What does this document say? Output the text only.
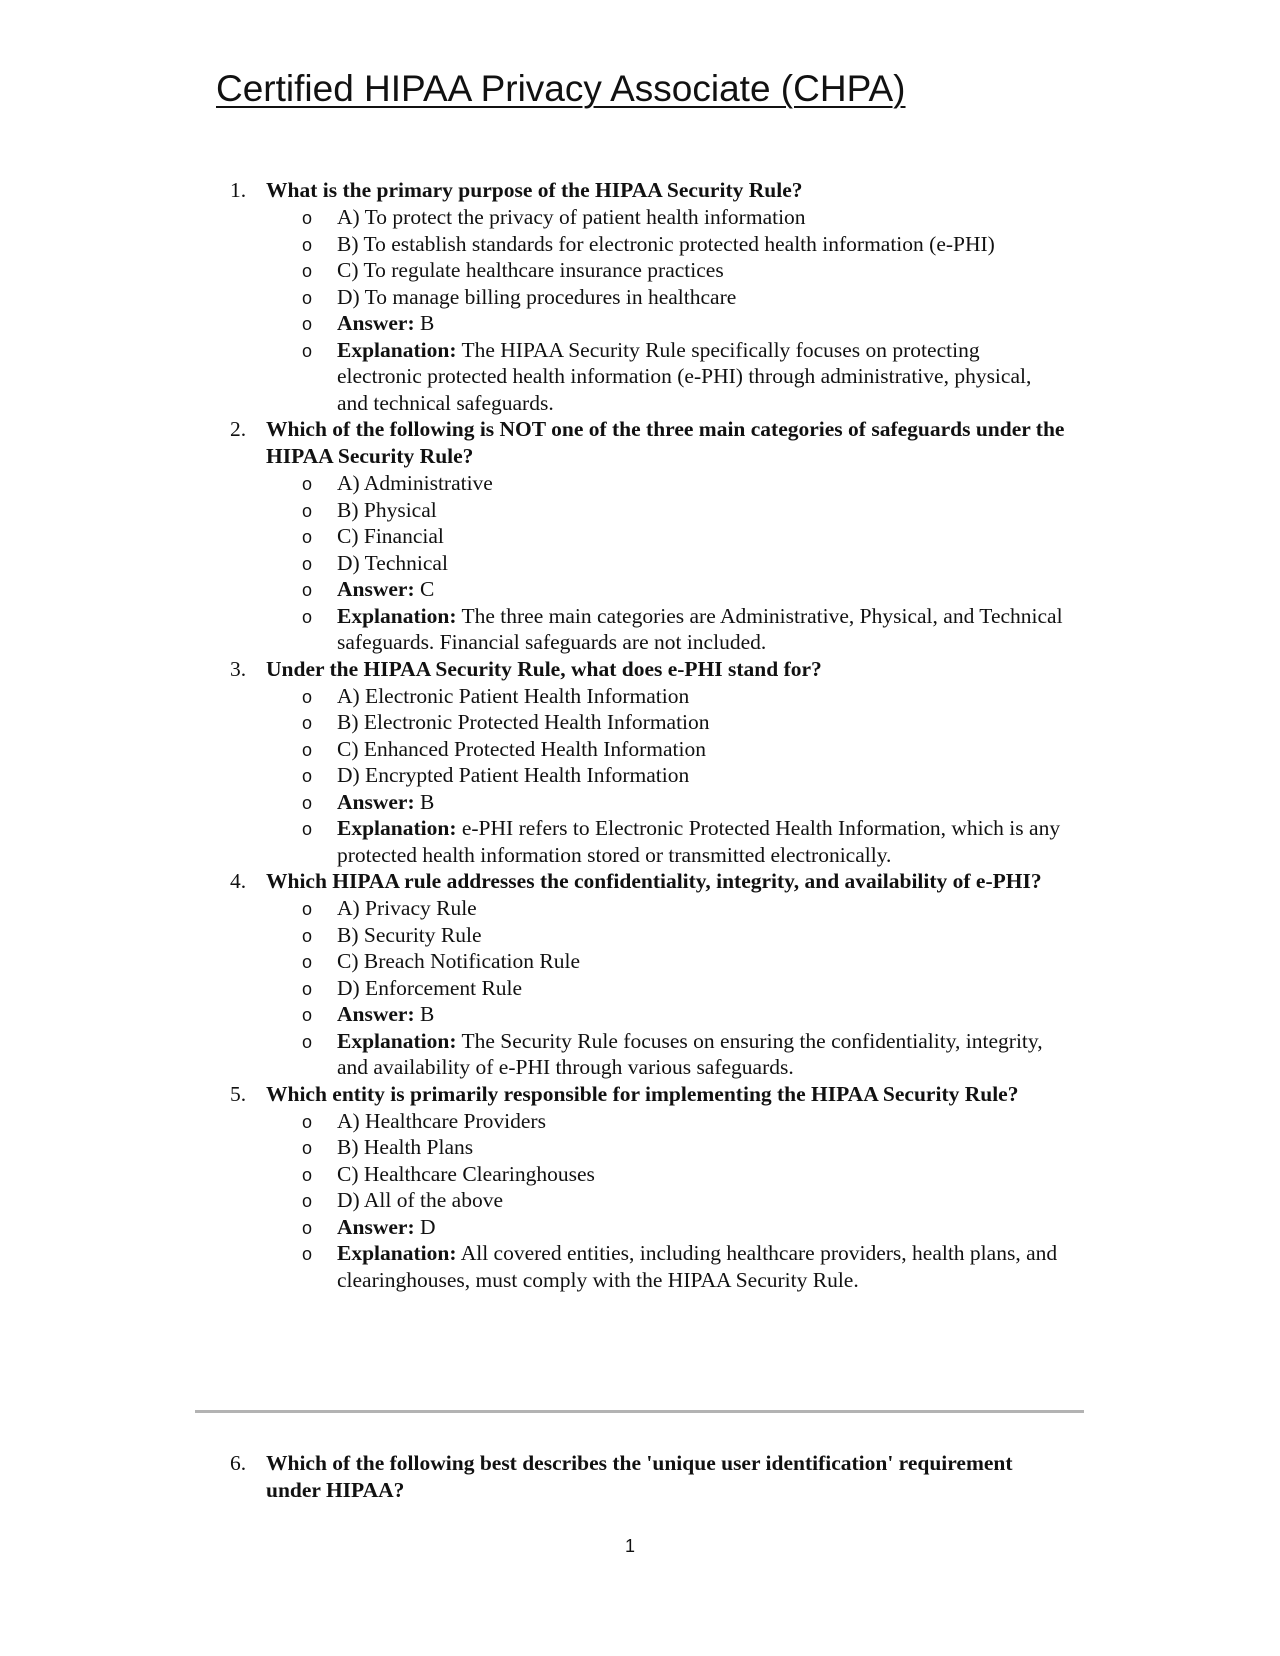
Certified HIPAA Privacy Associate (CHPA)
1. What is the primary purpose of the HIPAA Security Rule?
o A) To protect the privacy of patient health information
o B) To establish standards for electronic protected health information (e-PHI)
o C) To regulate healthcare insurance practices
o D) To manage billing procedures in healthcare
o Answer: B
o Explanation: The HIPAA Security Rule specifically focuses on protecting electronic protected health information (e-PHI) through administrative, physical, and technical safeguards.
2. Which of the following is NOT one of the three main categories of safeguards under the HIPAA Security Rule?
o A) Administrative
o B) Physical
o C) Financial
o D) Technical
o Answer: C
o Explanation: The three main categories are Administrative, Physical, and Technical safeguards. Financial safeguards are not included.
3. Under the HIPAA Security Rule, what does e-PHI stand for?
o A) Electronic Patient Health Information
o B) Electronic Protected Health Information
o C) Enhanced Protected Health Information
o D) Encrypted Patient Health Information
o Answer: B
o Explanation: e-PHI refers to Electronic Protected Health Information, which is any protected health information stored or transmitted electronically.
4. Which HIPAA rule addresses the confidentiality, integrity, and availability of e-PHI?
o A) Privacy Rule
o B) Security Rule
o C) Breach Notification Rule
o D) Enforcement Rule
o Answer: B
o Explanation: The Security Rule focuses on ensuring the confidentiality, integrity, and availability of e-PHI through various safeguards.
5. Which entity is primarily responsible for implementing the HIPAA Security Rule?
o A) Healthcare Providers
o B) Health Plans
o C) Healthcare Clearinghouses
o D) All of the above
o Answer: D
o Explanation: All covered entities, including healthcare providers, health plans, and clearinghouses, must comply with the HIPAA Security Rule.
6. Which of the following best describes the 'unique user identification' requirement under HIPAA?
1
